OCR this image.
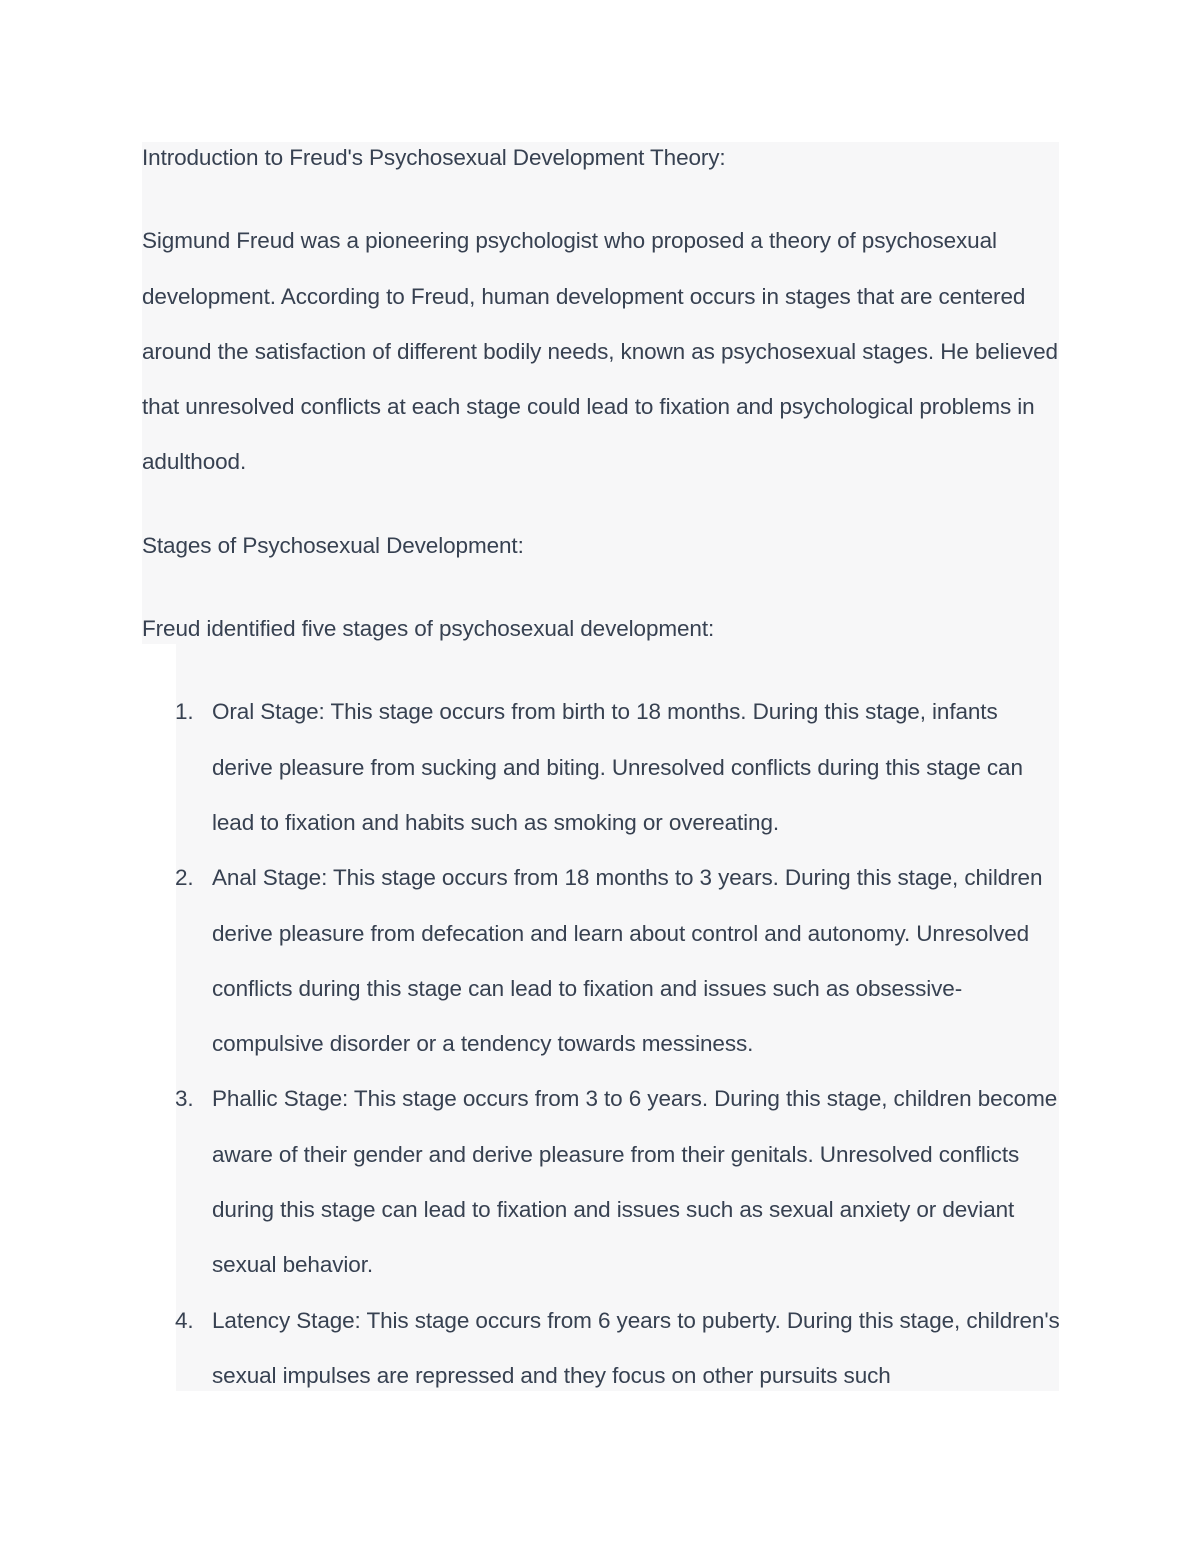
Introduction to Freud's Psychosexual Development Theory:

Sigmund Freud was a pioneering psychologist who proposed a theory of psychosexual development. According to Freud, human development occurs in stages that are centered around the satisfaction of different bodily needs, known as psychosexual stages. He believed that unresolved conflicts at each stage could lead to fixation and psychological problems in adulthood.

Stages of Psychosexual Development:

Freud identified five stages of psychosexual development:

Oral Stage: This stage occurs from birth to 18 months. During this stage, infants derive pleasure from sucking and biting. Unresolved conflicts during this stage can lead to fixation and habits such as smoking or overeating.
Anal Stage: This stage occurs from 18 months to 3 years. During this stage, children derive pleasure from defecation and learn about control and autonomy. Unresolved conflicts during this stage can lead to fixation and issues such as obsessive-compulsive disorder or a tendency towards messiness.
Phallic Stage: This stage occurs from 3 to 6 years. During this stage, children become aware of their gender and derive pleasure from their genitals. Unresolved conflicts during this stage can lead to fixation and issues such as sexual anxiety or deviant sexual behavior.
Latency Stage: This stage occurs from 6 years to puberty. During this stage, children's sexual impulses are repressed and they focus on other pursuits such
